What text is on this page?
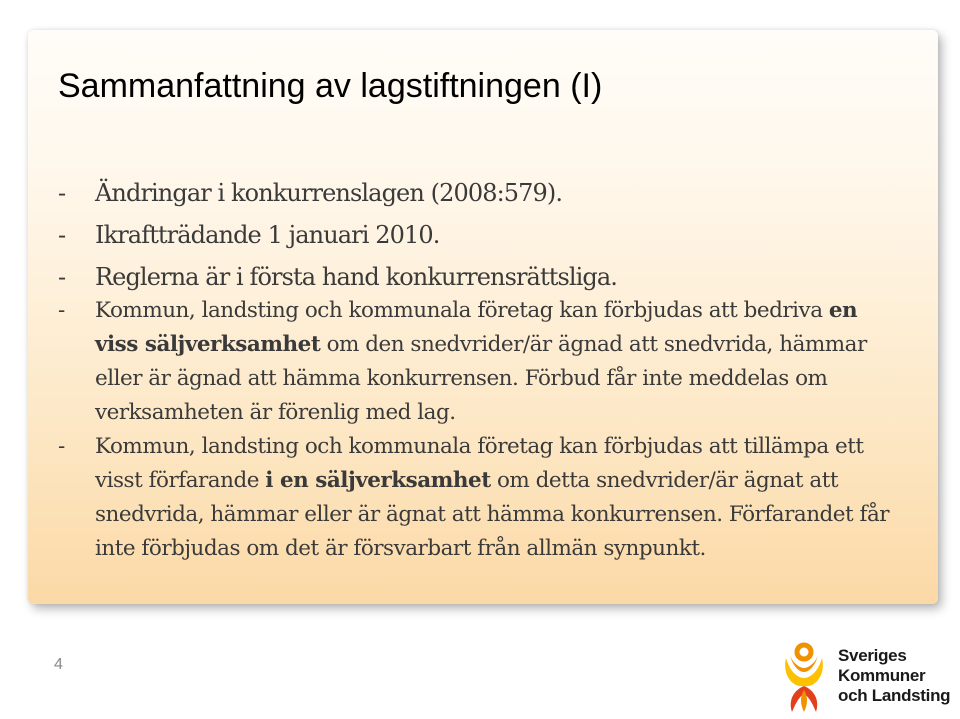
Sammanfattning av lagstiftningen (I)
- Ändringar i konkurrenslagen (2008:579).
- Ikraftträdande 1 januari 2010.
- Reglerna är i första hand konkurrensrättsliga.
- Kommun, landsting och kommunala företag kan förbjudas att bedriva en viss säljverksamhet om den snedvrider/är ägnad att snedvrida, hämmar eller är ägnad att hämma konkurrensen. Förbud får inte meddelas om verksamheten är förenlig med lag.
- Kommun, landsting och kommunala företag kan förbjudas att tillämpa ett visst förfarande i en säljverksamhet om detta snedvrider/är ägnat att snedvrida, hämmar eller är ägnat att hämma konkurrensen. Förfarandet får inte förbjudas om det är försvarbart från allmän synpunkt.
4	Sveriges
Kommuner
och Landsting
